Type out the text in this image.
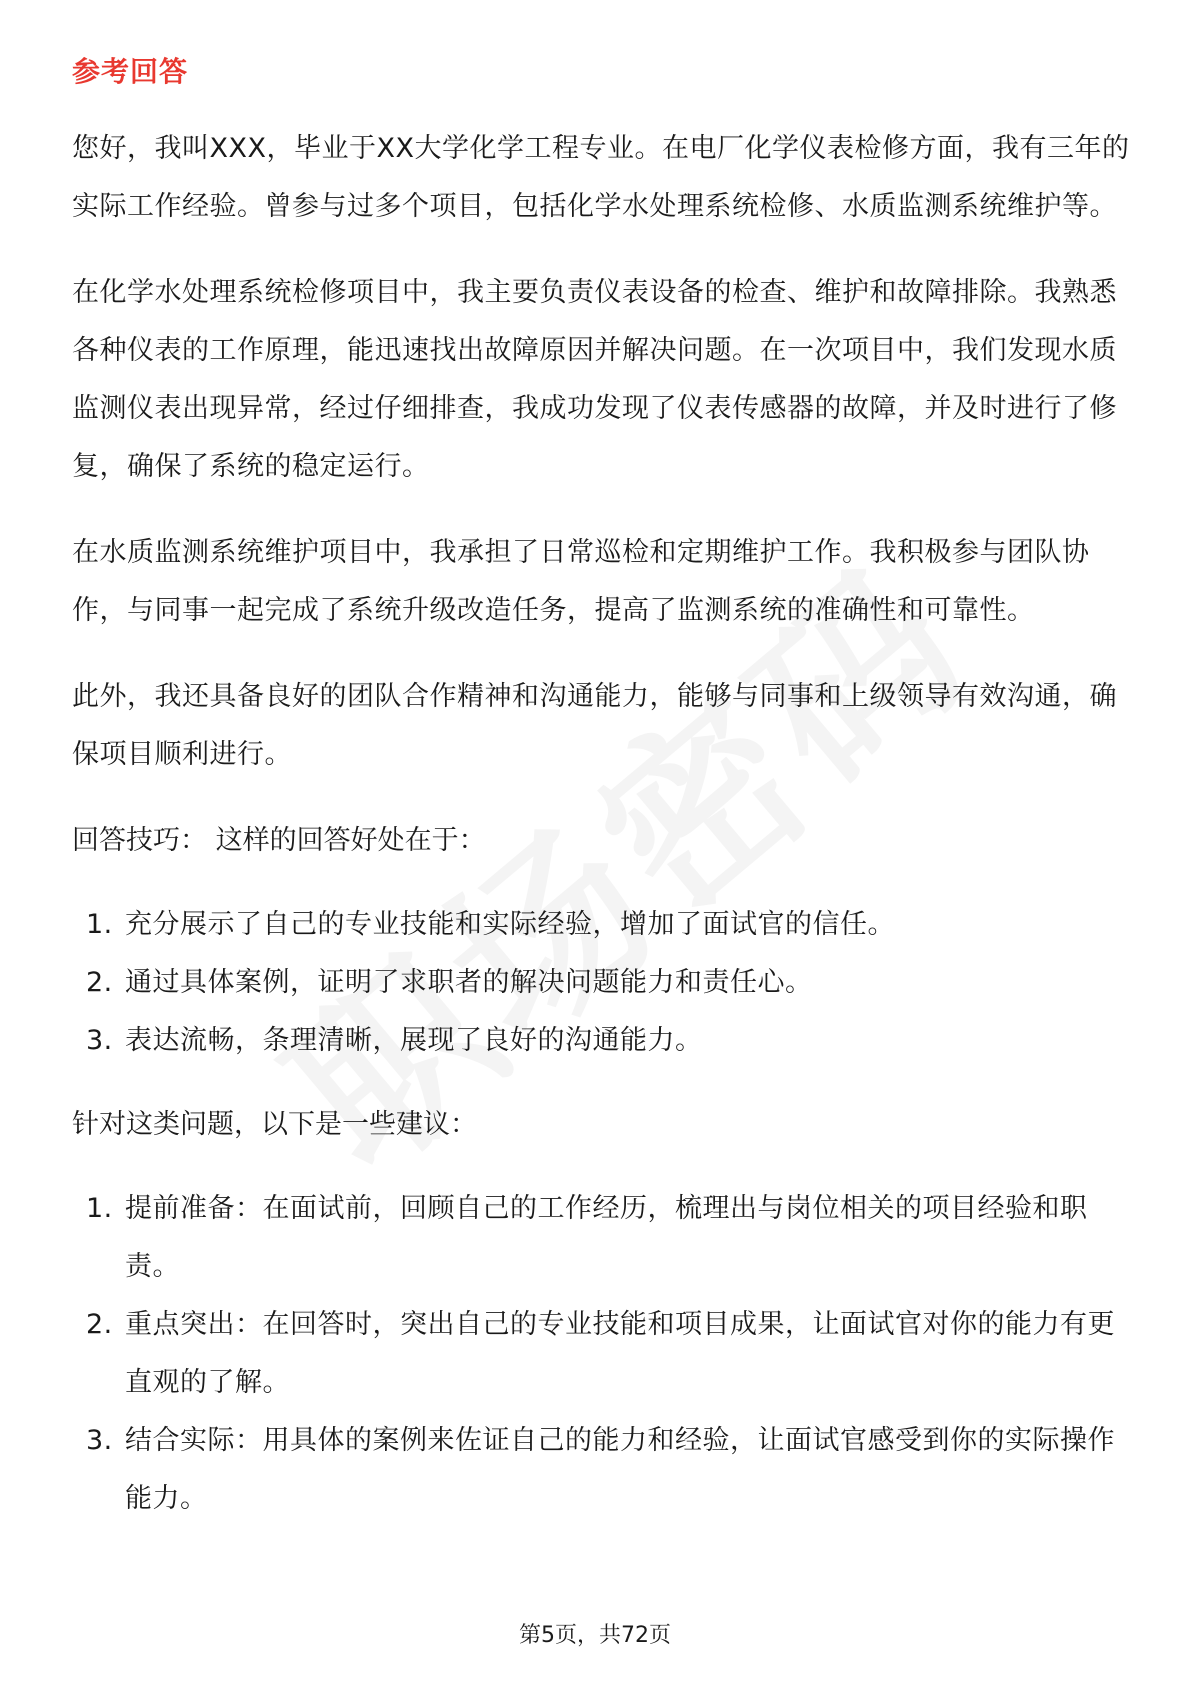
参考回答

您好，我叫XXX，毕业于XX大学化学工程专业。在电厂化学仪表检修方面，我有三年的实际工作经验。曾参与过多个项目，包括化学水处理系统检修、水质监测系统维护等。

在化学水处理系统检修项目中，我主要负责仪表设备的检查、维护和故障排除。我熟悉各种仪表的工作原理，能迅速找出故障原因并解决问题。在一次项目中，我们发现水质监测仪表出现异常，经过仔细排查，我成功发现了仪表传感器的故障，并及时进行了修复，确保了系统的稳定运行。

在水质监测系统维护项目中，我承担了日常巡检和定期维护工作。我积极参与团队协作，与同事一起完成了系统升级改造任务，提高了监测系统的准确性和可靠性。

此外，我还具备良好的团队合作精神和沟通能力，能够与同事和上级领导有效沟通，确保项目顺利进行。

回答技巧： 这样的回答好处在于：

1. 充分展示了自己的专业技能和实际经验，增加了面试官的信任。
2. 通过具体案例，证明了求职者的解决问题能力和责任心。
3. 表达流畅，条理清晰，展现了良好的沟通能力。

针对这类问题，以下是一些建议：

1. 提前准备：在面试前，回顾自己的工作经历，梳理出与岗位相关的项目经验和职责。
2. 重点突出：在回答时，突出自己的专业技能和项目成果，让面试官对你的能力有更直观的了解。
3. 结合实际：用具体的案例来佐证自己的能力和经验，让面试官感受到你的实际操作能力。
第5页，共72页
